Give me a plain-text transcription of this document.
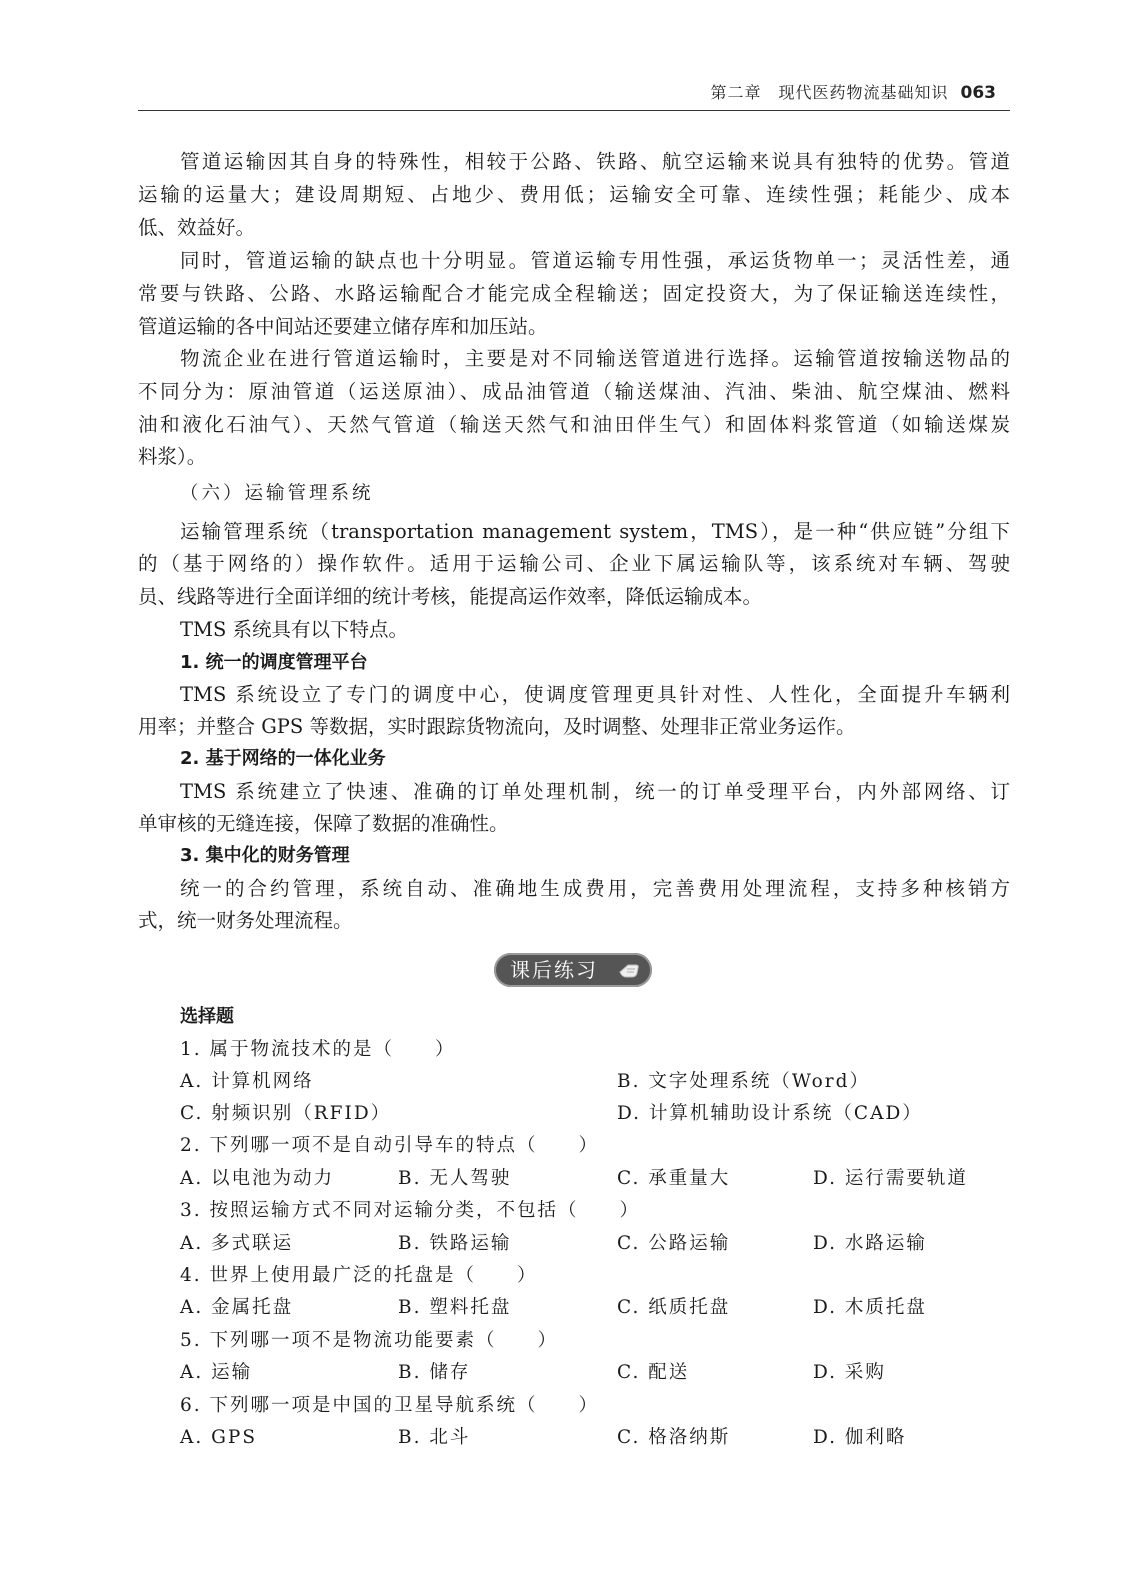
第二章　现代医药物流基础知识 063
管道运输因其自身的特殊性，相较于公路、铁路、航空运输来说具有独特的优势。管道
运输的运量大；建设周期短、占地少、费用低；运输安全可靠、连续性强；耗能少、成本
低、效益好。
同时，管道运输的缺点也十分明显。管道运输专用性强，承运货物单一；灵活性差，通
常要与铁路、公路、水路运输配合才能完成全程输送；固定投资大，为了保证输送连续性，
管道运输的各中间站还要建立储存库和加压站。
物流企业在进行管道运输时，主要是对不同输送管道进行选择。运输管道按输送物品的
不同分为：原油管道（运送原油）、成品油管道（输送煤油、汽油、柴油、航空煤油、燃料
油和液化石油气）、天然气管道（输送天然气和油田伴生气）和固体料浆管道（如输送煤炭
料浆）。
（六）运输管理系统
运输管理系统（transportation management system，TMS），是一种“供应链”分组下
的（基于网络的）操作软件。适用于运输公司、企业下属运输队等，该系统对车辆、驾驶
员、线路等进行全面详细的统计考核，能提高运作效率，降低运输成本。
TMS 系统具有以下特点。
1. 统一的调度管理平台
TMS 系统设立了专门的调度中心，使调度管理更具针对性、人性化，全面提升车辆利
用率；并整合 GPS 等数据，实时跟踪货物流向，及时调整、处理非正常业务运作。
2. 基于网络的一体化业务
TMS 系统建立了快速、准确的订单处理机制，统一的订单受理平台，内外部网络、订
单审核的无缝连接，保障了数据的准确性。
3. 集中化的财务管理
统一的合约管理，系统自动、准确地生成费用，完善费用处理流程，支持多种核销方
式，统一财务处理流程。
课后练习
选择题
1. 属于物流技术的是（　　）
A. 计算机网络	B. 文字处理系统（Word）
C. 射频识别（RFID）	D. 计算机辅助设计系统（CAD）
2. 下列哪一项不是自动引导车的特点（　　）
A. 以电池为动力	B. 无人驾驶	C. 承重量大	D. 运行需要轨道
3. 按照运输方式不同对运输分类，不包括（　　）
A. 多式联运	B. 铁路运输	C. 公路运输	D. 水路运输
4. 世界上使用最广泛的托盘是（　　）
A. 金属托盘	B. 塑料托盘	C. 纸质托盘	D. 木质托盘
5. 下列哪一项不是物流功能要素（　　）
A. 运输	B. 储存	C. 配送	D. 采购
6. 下列哪一项是中国的卫星导航系统（　　）
A. GPS	B. 北斗	C. 格洛纳斯	D. 伽利略
